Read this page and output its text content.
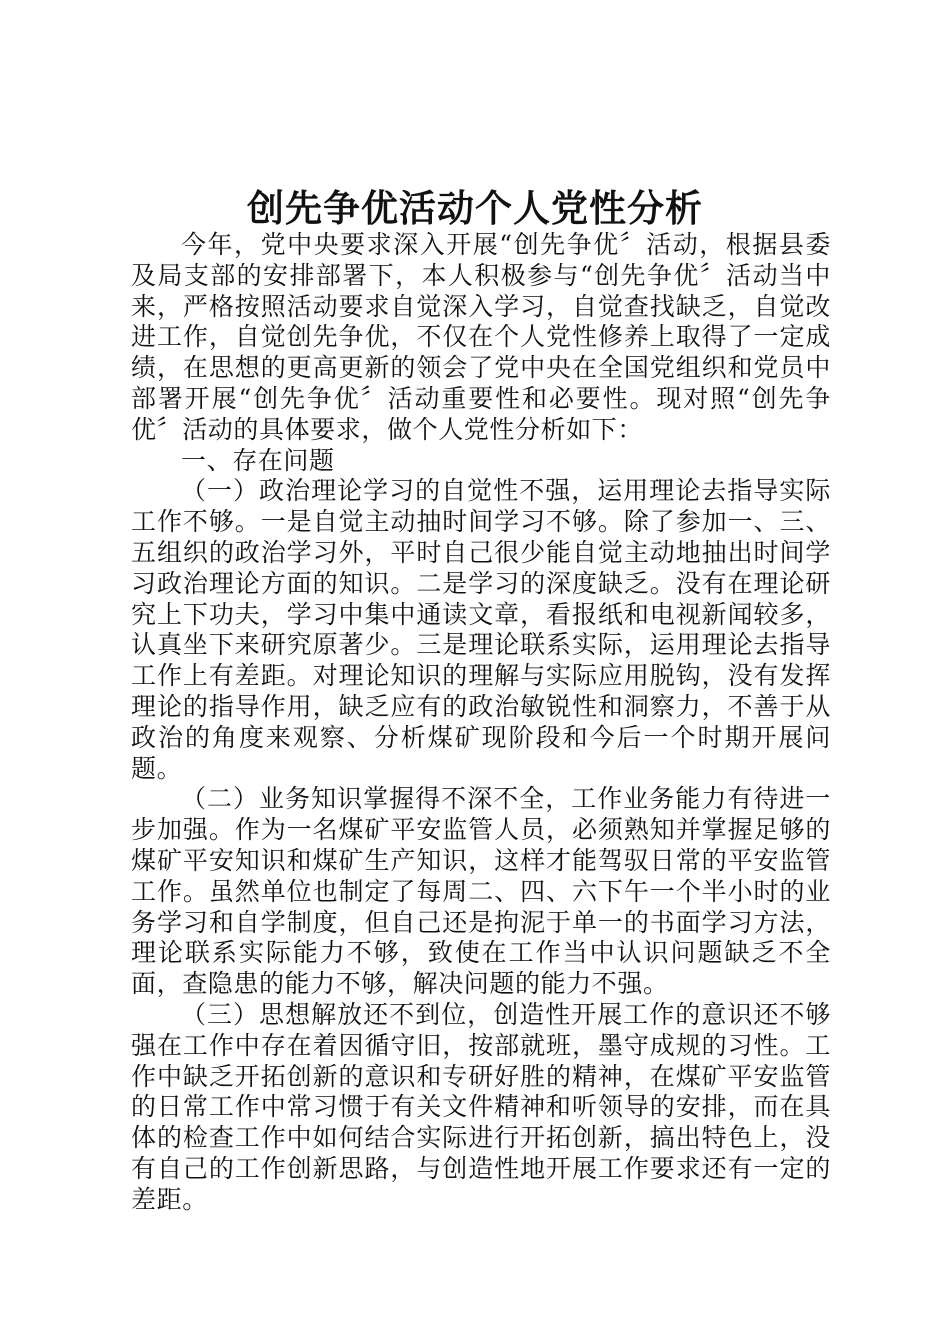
创先争优活动个人党性分析

今年，党中央要求深入开展“创先争优〞活动，根据县委及局支部的安排部署下，本人积极参与“创先争优〞活动当中来，严格按照活动要求自觉深入学习，自觉查找缺乏，自觉改进工作，自觉创先争优，不仅在个人党性修养上取得了一定成绩，在思想的更高更新的领会了党中央在全国党组织和党员中部署开展“创先争优〞活动重要性和必要性。现对照“创先争优〞活动的具体要求，做个人党性分析如下：

一、存在问题

（一）政治理论学习的自觉性不强，运用理论去指导实际工作不够。一是自觉主动抽时间学习不够。除了参加一、三、五组织的政治学习外，平时自己很少能自觉主动地抽出时间学习政治理论方面的知识。二是学习的深度缺乏。没有在理论研究上下功夫，学习中集中通读文章，看报纸和电视新闻较多，认真坐下来研究原著少。三是理论联系实际，运用理论去指导工作上有差距。对理论知识的理解与实际应用脱钩，没有发挥理论的指导作用，缺乏应有的政治敏锐性和洞察力，不善于从政治的角度来观察、分析煤矿现阶段和今后一个时期开展问题。

（二）业务知识掌握得不深不全，工作业务能力有待进一步加强。作为一名煤矿平安监管人员，必须熟知并掌握足够的煤矿平安知识和煤矿生产知识，这样才能驾驭日常的平安监管工作。虽然单位也制定了每周二、四、六下午一个半小时的业务学习和自学制度，但自己还是拘泥于单一的书面学习方法，理论联系实际能力不够，致使在工作当中认识问题缺乏不全面，查隐患的能力不够，解决问题的能力不强。

（三）思想解放还不到位，创造性开展工作的意识还不够强在工作中存在着因循守旧，按部就班，墨守成规的习性。工作中缺乏开拓创新的意识和专研好胜的精神，在煤矿平安监管的日常工作中常习惯于有关文件精神和听领导的安排，而在具体的检查工作中如何结合实际进行开拓创新，搞出特色上，没有自己的工作创新思路，与创造性地开展工作要求还有一定的差距。
